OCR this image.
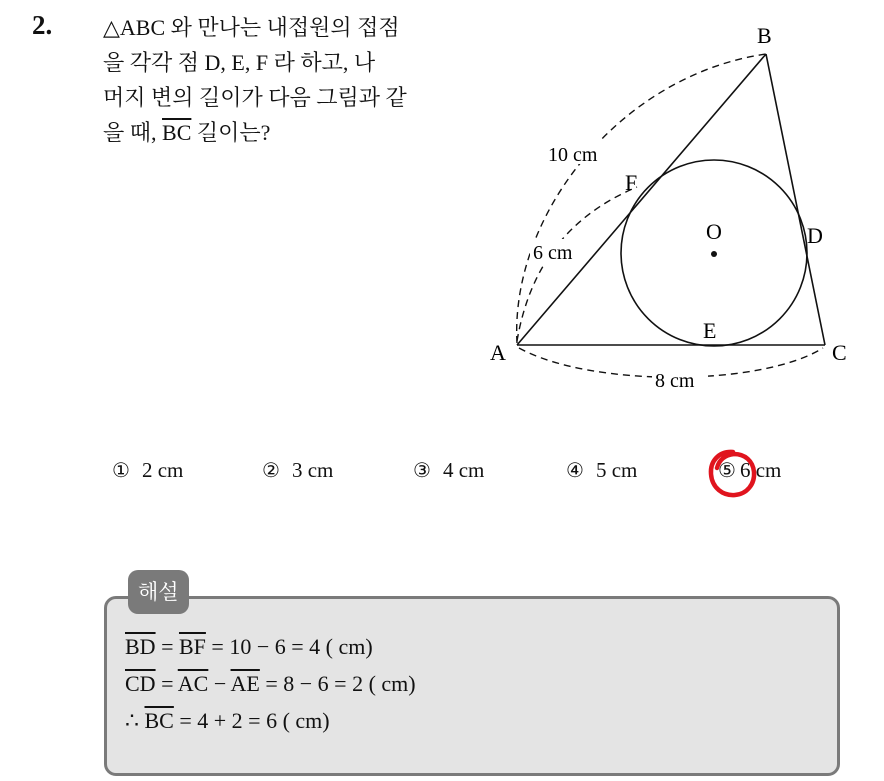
2. △ABC 와 만나는 내접원의 접점
을 각각 점 D, E, F 라 하고, 나
머지 변의 길이가 다음 그림과 같
을 때, $\overline{BC}$ 길이는?
B
F
O	D
E
A	C
10 cm
6 cm
8 cm
① 2 cm	② 3 cm	③ 4 cm	④ 5 cm	⑤ 6 cm
해설
$\overline{BD} = \overline{BF} = 10 - 6 = 4$ ( cm)
$\overline{CD} = \overline{AC} - \overline{AE} = 8 - 6 = 2$ ( cm)
∴ $\overline{BC} = 4 + 2 = 6$ ( cm)
